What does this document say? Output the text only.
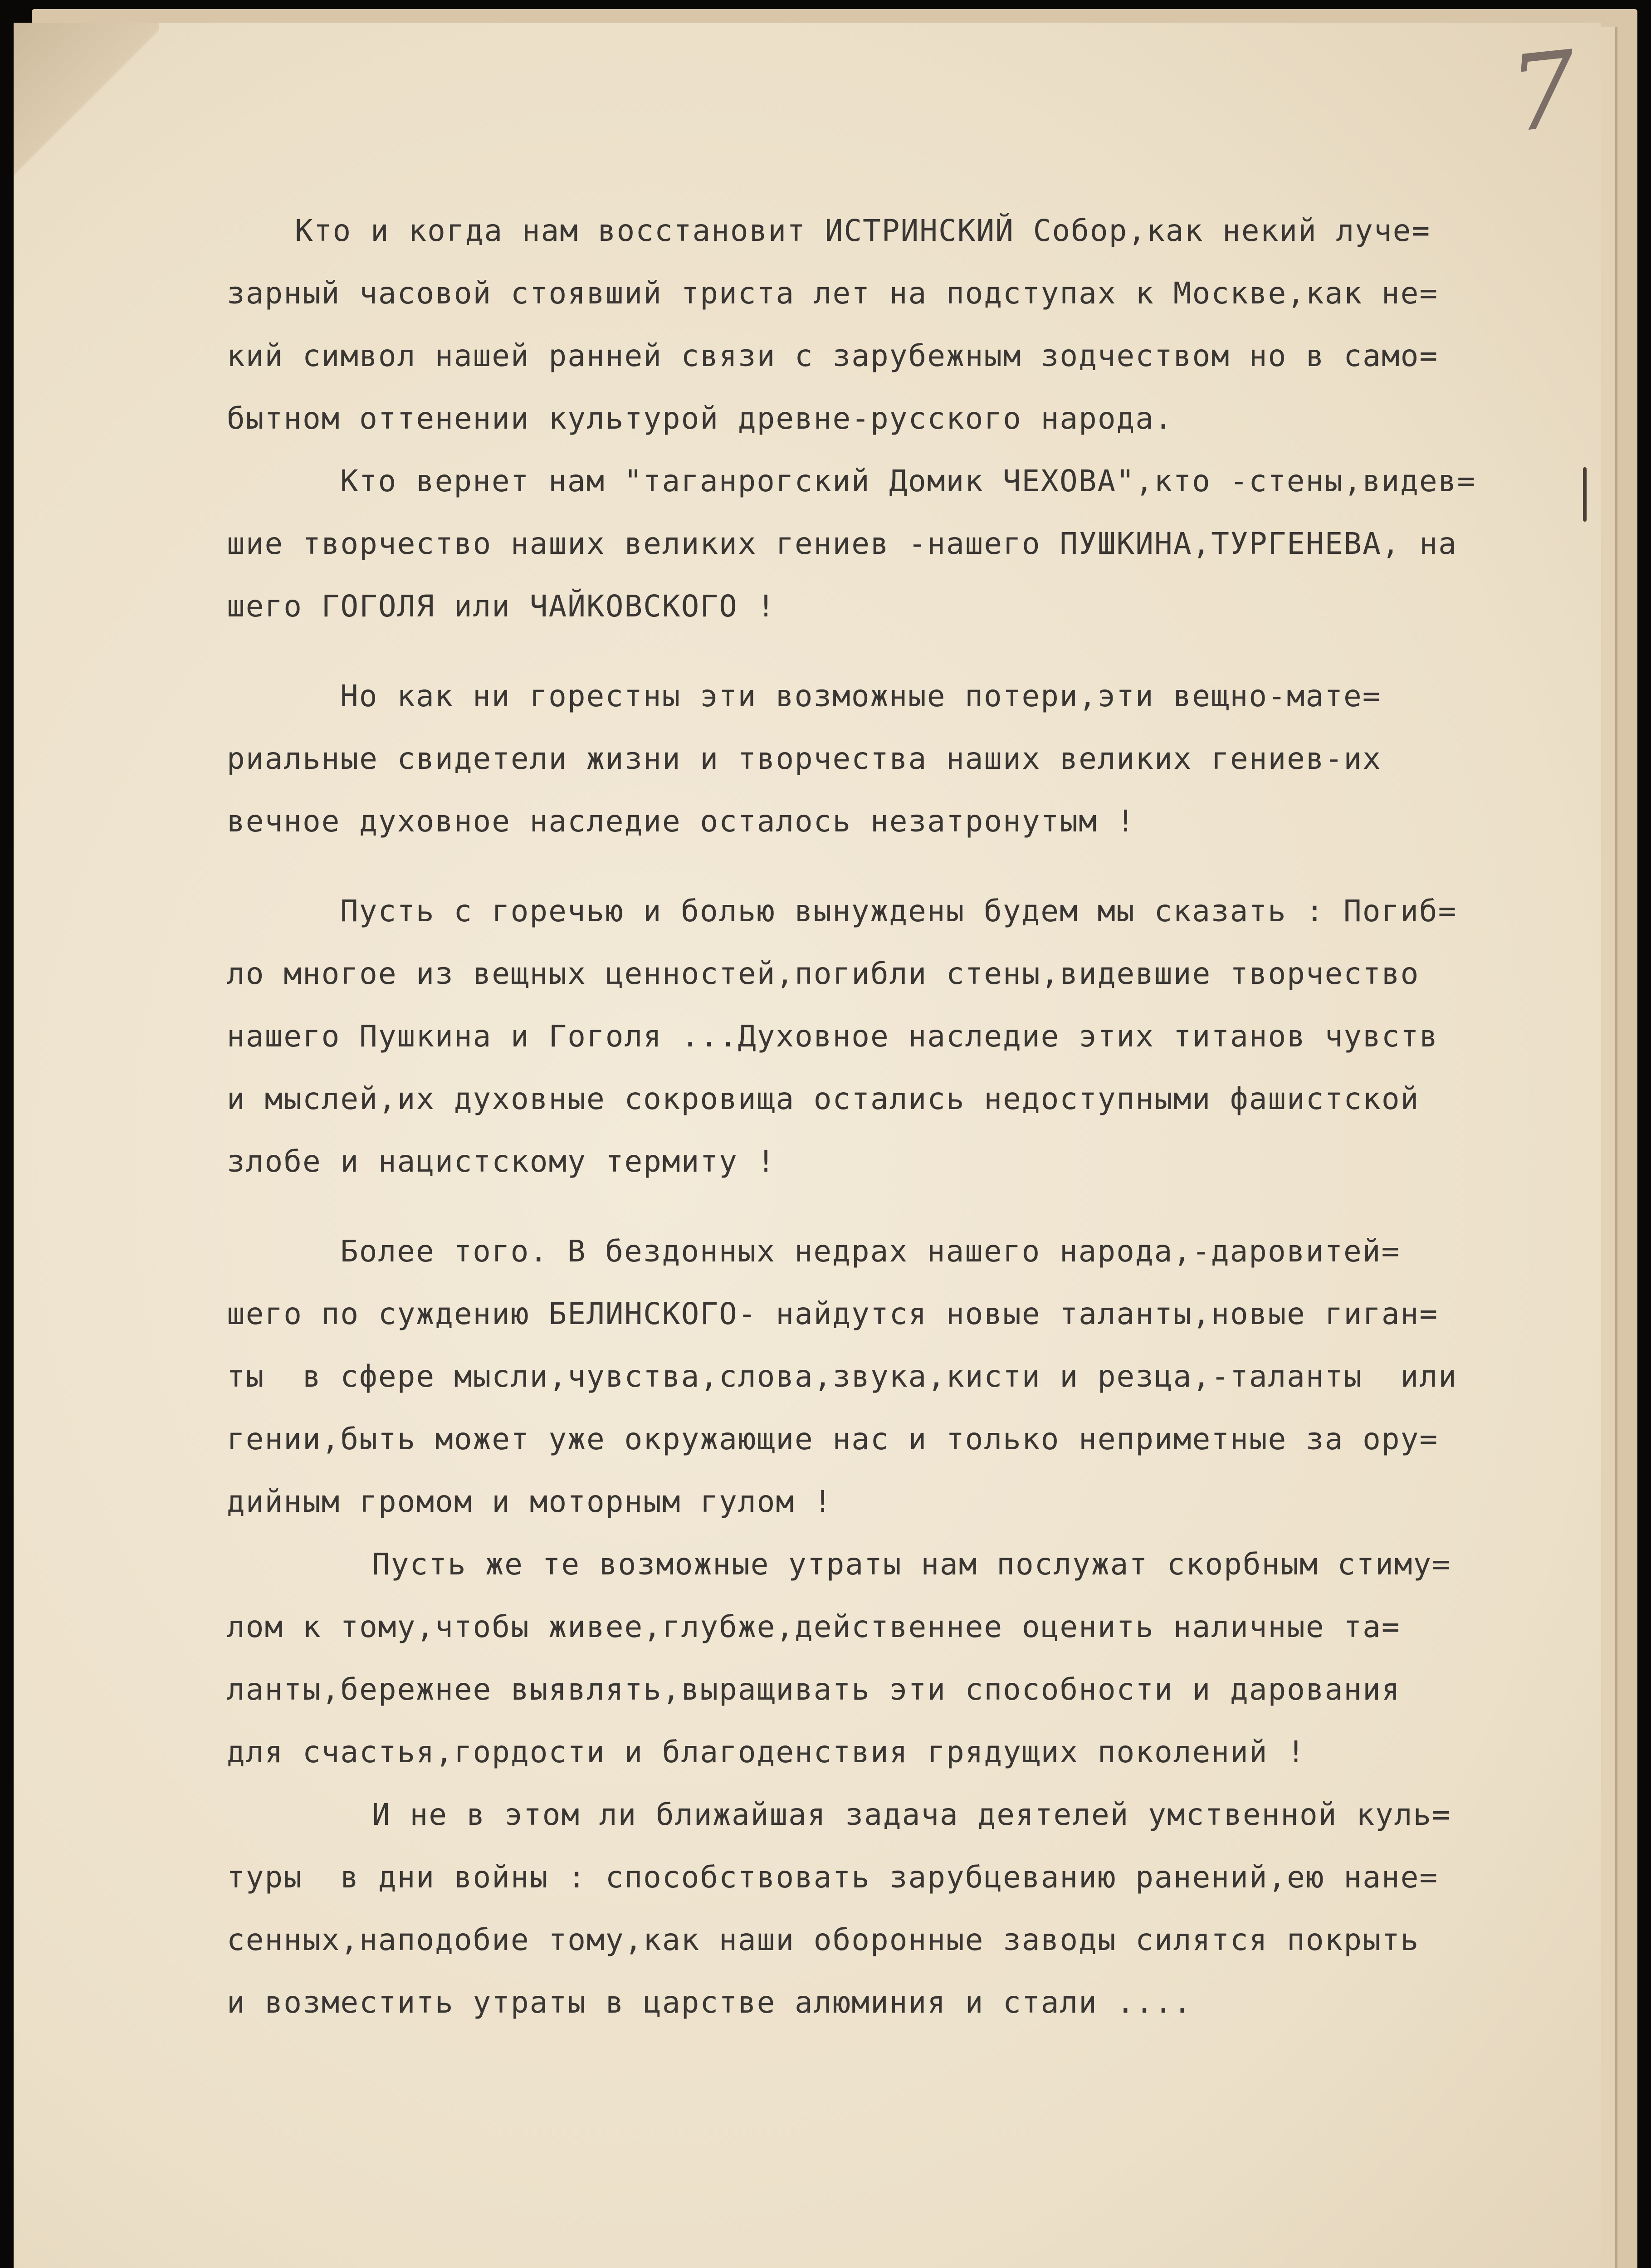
7
Кто и когда нам восстановит ИСТРИНСКИЙ Собор,как некий луче=
зарный часовой стоявший триста лет на подступах к Москве,как не=
кий символ нашей ранней связи с зарубежным зодчеством но в само=
бытном оттенении культурой древне-русского народа.
Кто вернет нам "таганрогский Домик ЧЕХОВА",кто -стены,видев=
шие творчество наших великих гениев -нашего ПУШКИНА,ТУРГЕНЕВА, на
шего ГОГОЛЯ или ЧАЙКОВСКОГО !
Но как ни горестны эти возможные потери,эти вещно-мате=
риальные свидетели жизни и творчества наших великих гениев-их
вечное духовное наследие осталось незатронутым !
Пусть с горечью и болью вынуждены будем мы сказать : Погиб=
ло многое из вещных ценностей,погибли стены,видевшие творчество
нашего Пушкина и Гоголя ...Духовное наследие этих титанов чувств
и мыслей,их духовные сокровища остались недоступными фашистской
злобе и нацистскому термиту !
Более того. В бездонных недрах нашего народа,-даровитей=
шего по суждению БЕЛИНСКОГО- найдутся новые таланты,новые гиган=
ты  в сфере мысли,чувства,слова,звука,кисти и резца,-таланты  или
гении,быть может уже окружающие нас и только неприметные за ору=
дийным громом и моторным гулом !
Пусть же те возможные утраты нам послужат скорбным стиму=
лом к тому,чтобы живее,глубже,действеннее оценить наличные та=
ланты,бережнее выявлять,выращивать эти способности и дарования
для счастья,гордости и благоденствия грядущих поколений !
И не в этом ли ближайшая задача деятелей умственной куль=
туры  в дни войны : способствовать зарубцеванию ранений,ею нане=
сенных,наподобие тому,как наши оборонные заводы силятся покрыть
и возместить утраты в царстве алюминия и стали ....
